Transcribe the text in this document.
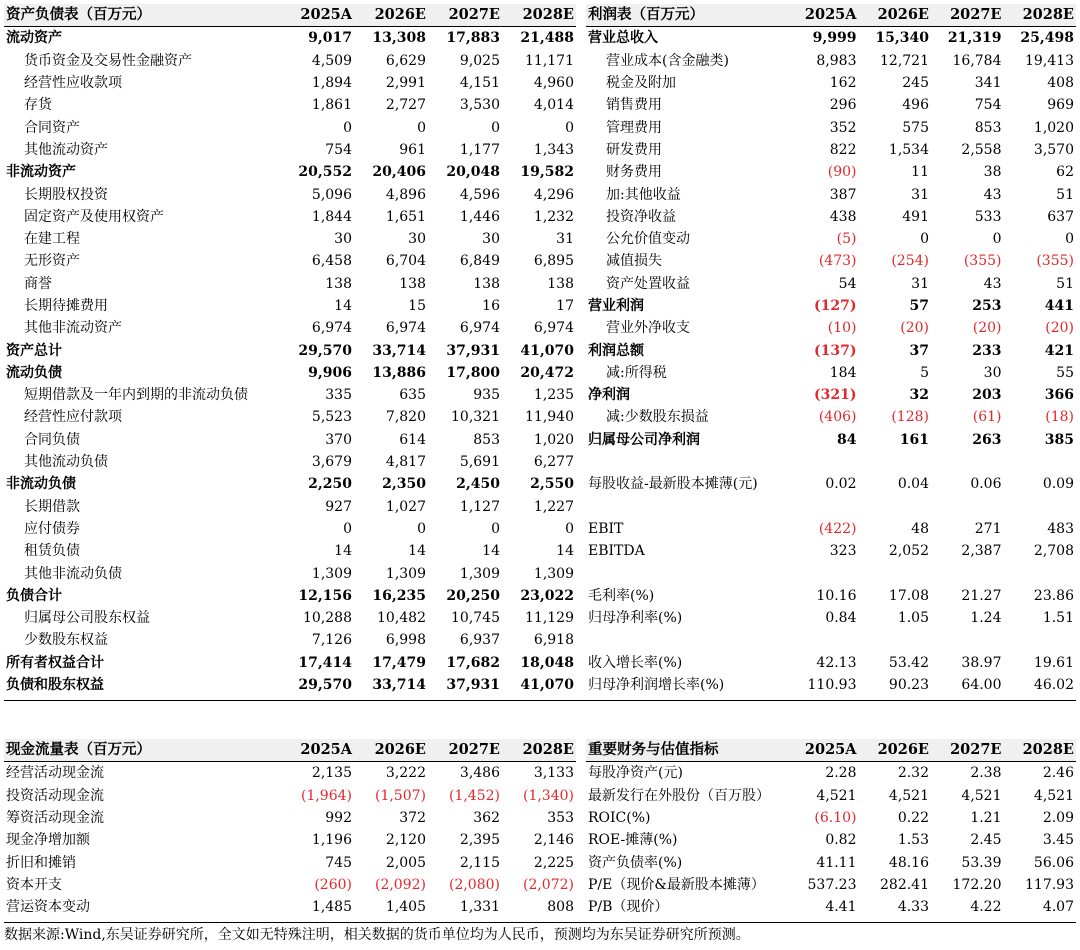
资产负债表（百万元）	2025A	2026E	2027E	2028E
流动资产	9,017	13,308	17,883	21,488
货币资金及交易性金融资产	4,509	6,629	9,025	11,171
经营性应收款项	1,894	2,991	4,151	4,960
存货	1,861	2,727	3,530	4,014
合同资产	0	0	0	0
其他流动资产	754	961	1,177	1,343
非流动资产	20,552	20,406	20,048	19,582
长期股权投资	5,096	4,896	4,596	4,296
固定资产及使用权资产	1,844	1,651	1,446	1,232
在建工程	30	30	30	31
无形资产	6,458	6,704	6,849	6,895
商誉	138	138	138	138
长期待摊费用	14	15	16	17
其他非流动资产	6,974	6,974	6,974	6,974
资产总计	29,570	33,714	37,931	41,070
流动负债	9,906	13,886	17,800	20,472
短期借款及一年内到期的非流动负债	335	635	935	1,235
经营性应付款项	5,523	7,820	10,321	11,940
合同负债	370	614	853	1,020
其他流动负债	3,679	4,817	5,691	6,277
非流动负债	2,250	2,350	2,450	2,550
长期借款	927	1,027	1,127	1,227
应付债券	0	0	0	0
租赁负债	14	14	14	14
其他非流动负债	1,309	1,309	1,309	1,309
负债合计	12,156	16,235	20,250	23,022
归属母公司股东权益	10,288	10,482	10,745	11,129
少数股东权益	7,126	6,998	6,937	6,918
所有者权益合计	17,414	17,479	17,682	18,048
负债和股东权益	29,570	33,714	37,931	41,070
利润表（百万元）	2025A	2026E	2027E	2028E
营业总收入	9,999	15,340	21,319	25,498
营业成本(含金融类)	8,983	12,721	16,784	19,413
税金及附加	162	245	341	408
销售费用	296	496	754	969
管理费用	352	575	853	1,020
研发费用	822	1,534	2,558	3,570
财务费用	(90)	11	38	62
加:其他收益	387	31	43	51
投资净收益	438	491	533	637
公允价值变动	(5)	0	0	0
减值损失	(473)	(254)	(355)	(355)
资产处置收益	54	31	43	51
营业利润	(127)	57	253	441
营业外净收支	(10)	(20)	(20)	(20)
利润总额	(137)	37	233	421
减:所得税	184	5	30	55
净利润	(321)	32	203	366
减:少数股东损益	(406)	(128)	(61)	(18)
归属母公司净利润	84	161	263	385

每股收益-最新股本摊薄(元)	0.02	0.04	0.06	0.09

EBIT	(422)	48	271	483
EBITDA	323	2,052	2,387	2,708

毛利率(%)	10.16	17.08	21.27	23.86
归母净利率(%)	0.84	1.05	1.24	1.51

收入增长率(%)	42.13	53.42	38.97	19.61
归母净利润增长率(%)	110.93	90.23	64.00	46.02
现金流量表（百万元）	2025A	2026E	2027E	2028E
经营活动现金流	2,135	3,222	3,486	3,133
投资活动现金流	(1,964)	(1,507)	(1,452)	(1,340)
筹资活动现金流	992	372	362	353
现金净增加额	1,196	2,120	2,395	2,146
折旧和摊销	745	2,005	2,115	2,225
资本开支	(260)	(2,092)	(2,080)	(2,072)
营运资本变动	1,485	1,405	1,331	808
重要财务与估值指标	2025A	2026E	2027E	2028E
每股净资产(元)	2.28	2.32	2.38	2.46
最新发行在外股份（百万股）	4,521	4,521	4,521	4,521
ROIC(%)	(6.10)	0.22	1.21	2.09
ROE-摊薄(%)	0.82	1.53	2.45	3.45
资产负债率(%)	41.11	48.16	53.39	56.06
P/E（现价&最新股本摊薄）	537.23	282.41	172.20	117.93
P/B（现价）	4.41	4.33	4.22	4.07
数据来源:Wind,东吴证券研究所，全文如无特殊注明，相关数据的货币单位均为人民币，预测均为东吴证券研究所预测。
